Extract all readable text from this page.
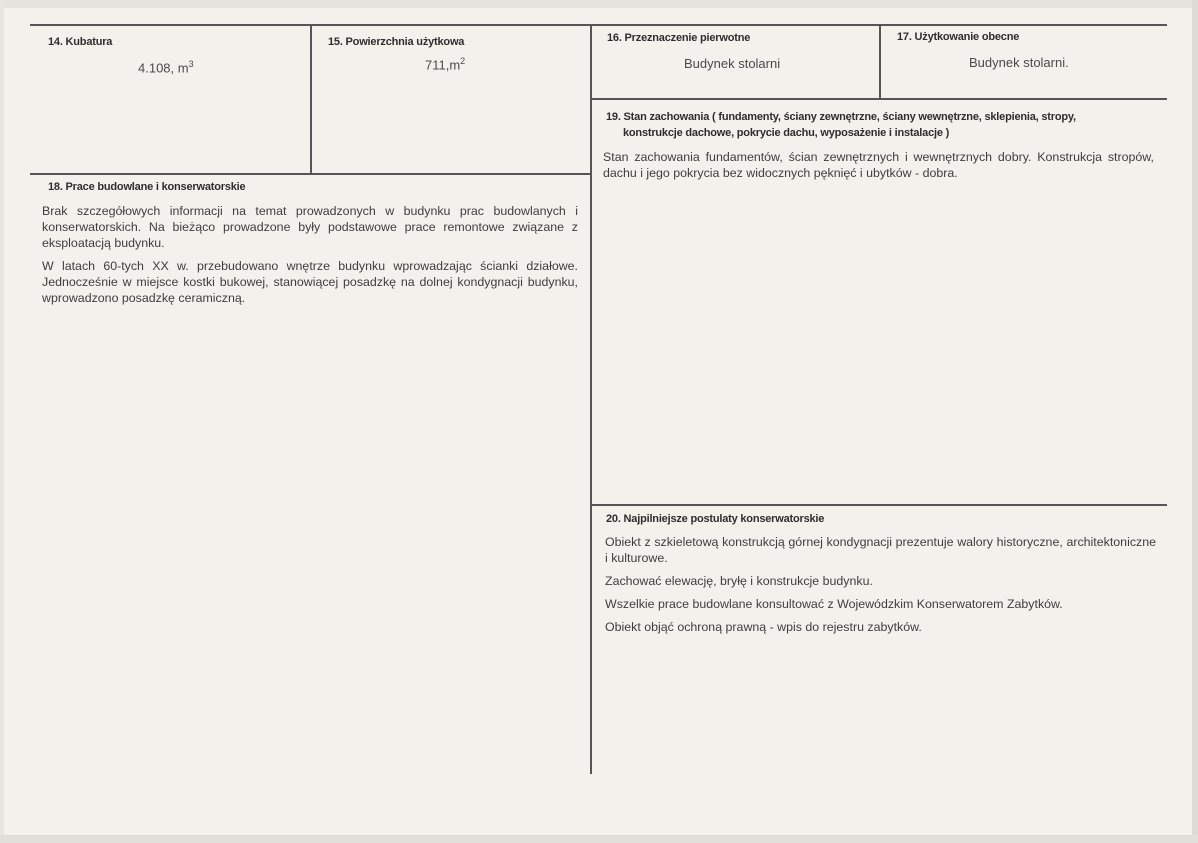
14. Kubatura
4.108, $m^3$
15. Powierzchnia użytkowa
$711,m^2$
16. Przeznaczenie pierwotne
Budynek stolarni
17. Użytkowanie obecne
Budynek stolarni.
18. Prace budowlane i konserwatorskie

Brak szczegółowych informacji na temat prowadzonych w budynku prac budowlanych i konserwatorskich. Na bieżąco prowadzone były podstawowe prace remontowe związane z eksploatacją budynku.

W latach 60-tych XX w. przebudowano wnętrze budynku wprowadzając ścianki działowe. Jednocześnie w miejsce kostki bukowej, stanowiącej posadzkę na dolnej kondygnacji budynku, wprowadzono posadzkę ceramiczną.

19. Stan zachowania ( fundamenty, ściany zewnętrzne, ściany wewnętrzne, sklepienia, stropy,
konstrukcje dachowe, pokrycie dachu, wyposażenie i instalacje )

Stan zachowania fundamentów, ścian zewnętrznych i wewnętrznych dobry. Konstrukcja stropów, dachu i jego pokrycia bez widocznych pęknięć i ubytków - dobra.

20. Najpilniejsze postulaty konserwatorskie

Obiekt z szkieletową konstrukcją górnej kondygnacji prezentuje walory historyczne, architektoniczne i kulturowe.

Zachować elewację, bryłę i konstrukcje budynku.

Wszelkie prace budowlane konsultować z Wojewódzkim Konserwatorem Zabytków.

Obiekt objąć ochroną prawną - wpis do rejestru zabytków.
